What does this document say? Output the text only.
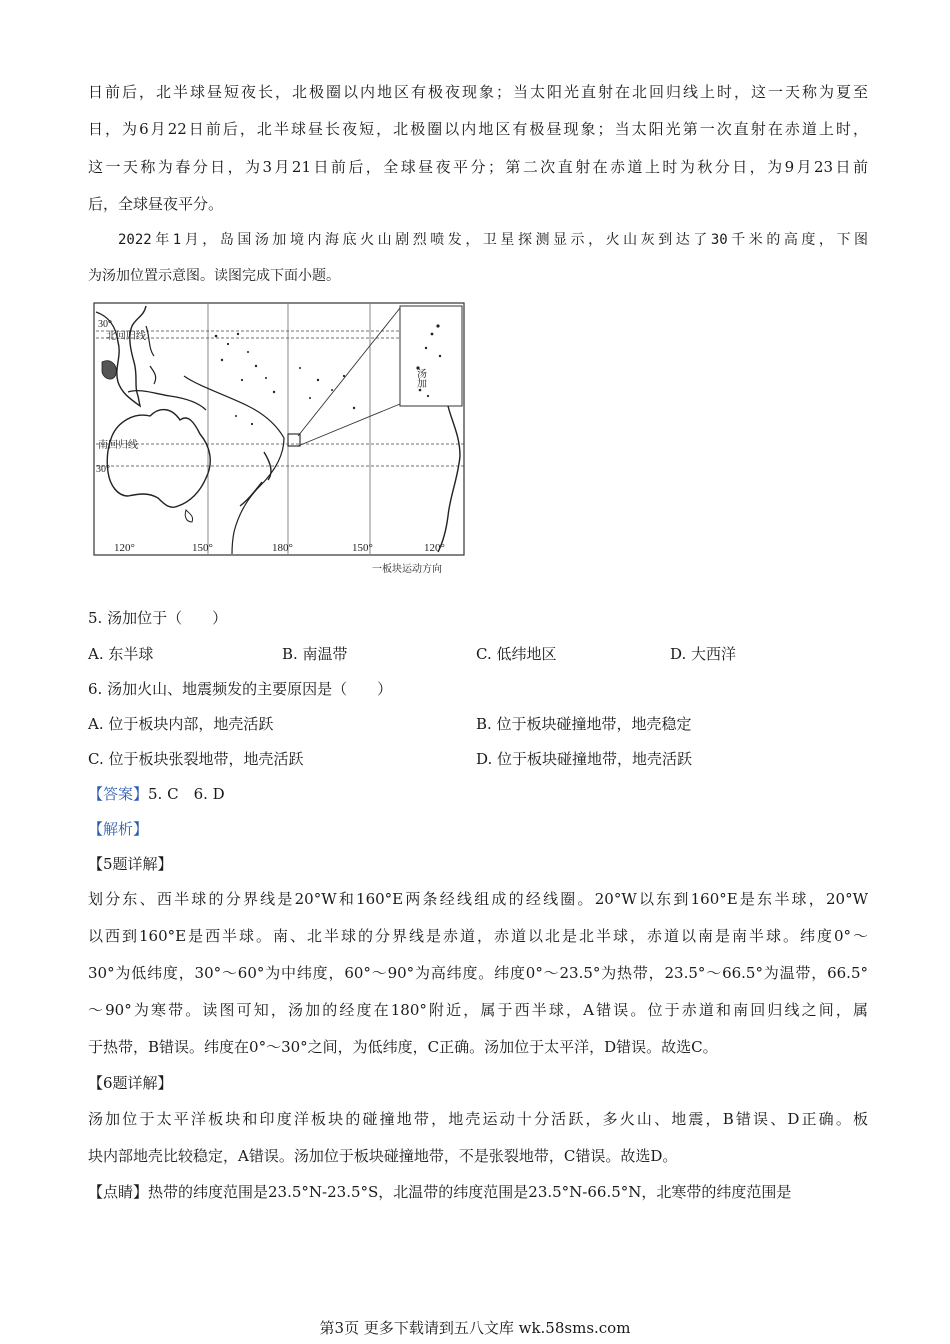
日前后，北半球昼短夜长，北极圈以内地区有极夜现象；当太阳光直射在北回归线上时，这一天称为夏至
日，为6月22日前后，北半球昼长夜短，北极圈以内地区有极昼现象；当太阳光第一次直射在赤道上时，
这一天称为春分日，为3月21日前后，全球昼夜平分；第二次直射在赤道上时为秋分日，为9月23日前
后，全球昼夜平分。
2022年1月，岛国汤加境内海底火山剧烈喷发，卫星探测显示，火山灰到达了30千米的高度，下图
为汤加位置示意图。读图完成下面小题。
30°
北回归线
南回归线
30°
汤加
120°	150°	180°	150°	120°
一板块运动方向
5. 汤加位于（　　）
A. 东半球	B. 南温带	C. 低纬地区	D. 大西洋
6. 汤加火山、地震频发的主要原因是（　　）
A. 位于板块内部，地壳活跃	B. 位于板块碰撞地带，地壳稳定
C. 位于板块张裂地带，地壳活跃	D. 位于板块碰撞地带，地壳活跃
【答案】5. C　6. D
【解析】
【5题详解】
划分东、西半球的分界线是20°W和160°E两条经线组成的经线圈。20°W以东到160°E是东半球，20°W
以西到160°E是西半球。南、北半球的分界线是赤道，赤道以北是北半球，赤道以南是南半球。纬度0°～
30°为低纬度，30°～60°为中纬度，60°～90°为高纬度。纬度0°～23.5°为热带，23.5°～66.5°为温带，66.5°
～90°为寒带。读图可知，汤加的经度在180°附近，属于西半球，A错误。位于赤道和南回归线之间，属
于热带，B错误。纬度在0°～30°之间，为低纬度，C正确。汤加位于太平洋，D错误。故选C。
【6题详解】
汤加位于太平洋板块和印度洋板块的碰撞地带，地壳运动十分活跃，多火山、地震，B错误、D正确。板
块内部地壳比较稳定，A错误。汤加位于板块碰撞地带，不是张裂地带，C错误。故选D。
【点睛】热带的纬度范围是23.5°N-23.5°S，北温带的纬度范围是23.5°N-66.5°N，北寒带的纬度范围是
第3页 更多下载请到五八文库 wk.58sms.com
